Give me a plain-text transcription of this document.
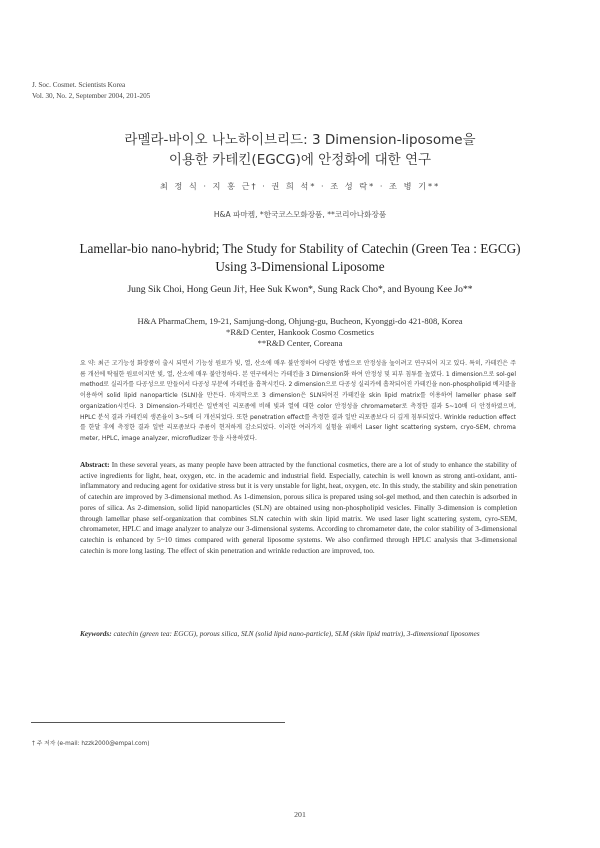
J. Soc. Cosmet. Scientists Korea
Vol. 30, No. 2, September 2004, 201-205
라멜라-바이오 나노하이브리드: 3 Dimension-liposome을
이용한 카테킨(EGCG)에 안정화에 대한 연구
최 정 식 · 지 홍 근† · 권 희 석* · 조 성 락* · 조 병 기**
H&A 파마켐, *한국코스모화장품, **코리아나화장품
Lamellar-bio nano-hybrid; The Study for Stability of Catechin (Green Tea : EGCG)
Using 3-Dimensional Liposome
Jung Sik Choi, Hong Geun Ji†, Hee Suk Kwon*, Sung Rack Cho*, and Byoung Kee Jo**
H&A PharmaChem, 19-21, Samjung-dong, Ohjung-gu, Bucheon, Kyonggi-do 421-808, Korea
*R&D Center, Hankook Cosmo Cosmetics
**R&D Center, Coreana
요 약: 최근 고기능성 화장품이 출시 되면서 기능성 원료가 빛, 열, 산소에 매우 불안정하여 다양한 방법으로 안정성을 높이려고 연구되어 지고 있다. 특히, 카테킨은 주름 개선에 탁월한 원료이지만 빛, 열, 산소에 매우 불안정하다. 본 연구에서는 카테킨을 3 Dimension화 하여 안정성 및 피부 침투를 높였다. 1 dimension으로 sol-gel method로 실리카를 다공성으로 만들어서 다공성 부분에 카테킨을 흡착시킨다. 2 dimension으로 다공성 실리카에 흡착되어진 카테킨을 non-phospholipid 베지클을 이용하여 solid lipid nanoparticle (SLN)을 만든다. 마지막으로 3 dimension은 SLN되어진 카테킨을 skin lipid matrix를 이용하여 lameller phase self organization시킨다. 3 Dimension-카테킨은 일반적인 리포좀에 비해 빛과 열에 대한 color 안정성을 chromameter로 측정한 결과 5~10배 더 안정하였으며, HPLC 분석 결과 카테킨의 생존율이 3~5배 더 개선되었다. 또한 penetration effect를 측정한 결과 일반 리포좀보다 더 깊게 침투되었다. Wrinkle reduction effect를 한달 후에 측정한 결과 일반 리포좀보다 주름이 현저하게 감소되었다. 이러한 여러가지 실험을 위해서 Laser light scattering system, cryo-SEM, chroma meter, HPLC, image analyzer, microfludizer 등을 사용하였다.
Abstract: In these several years, as many people have been attracted by the functional cosmetics, there are a lot of study to enhance the stability of active ingredients for light, heat, oxygen, etc. in the academic and industrial field. Especially, catechin is well known as strong anti-oxidant, anti-inflammatory and reducing agent for oxidative stress but it is very unstable for light, heat, oxygen, etc. In this study, the stability and skin penetration of catechin are improved by 3-dimensional method. As 1-dimension, porous silica is prepared using sol-gel method, and then catechin is adsorbed in pores of silica. As 2-dimension, solid lipid nanoparticles (SLN) are obtained using non-phospholipid vesicles. Finally 3-dimension is completion through lamellar phase self-organization that combines SLN catechin with skin lipid matrix. We used laser light scattering system, cyro-SEM, chromameter, HPLC and image analyzer to analyze our 3-dimensional systems. According to chromameter date, the color stability of 3-dimensional catechin is enhanced by 5~10 times compared with general liposome systems. We also confirmed through HPLC analysis that 3-dimensional catechin is more long lasting. The effect of skin penetration and wrinkle reduction are improved, too.
Keywords: catechin (green tea: EGCG), porous silica, SLN (solid lipid nano-particle), SLM (skin lipid matrix), 3-dimensional liposomes
† 주 저자 (e-mail: hzzk2000@empal.com)
201
